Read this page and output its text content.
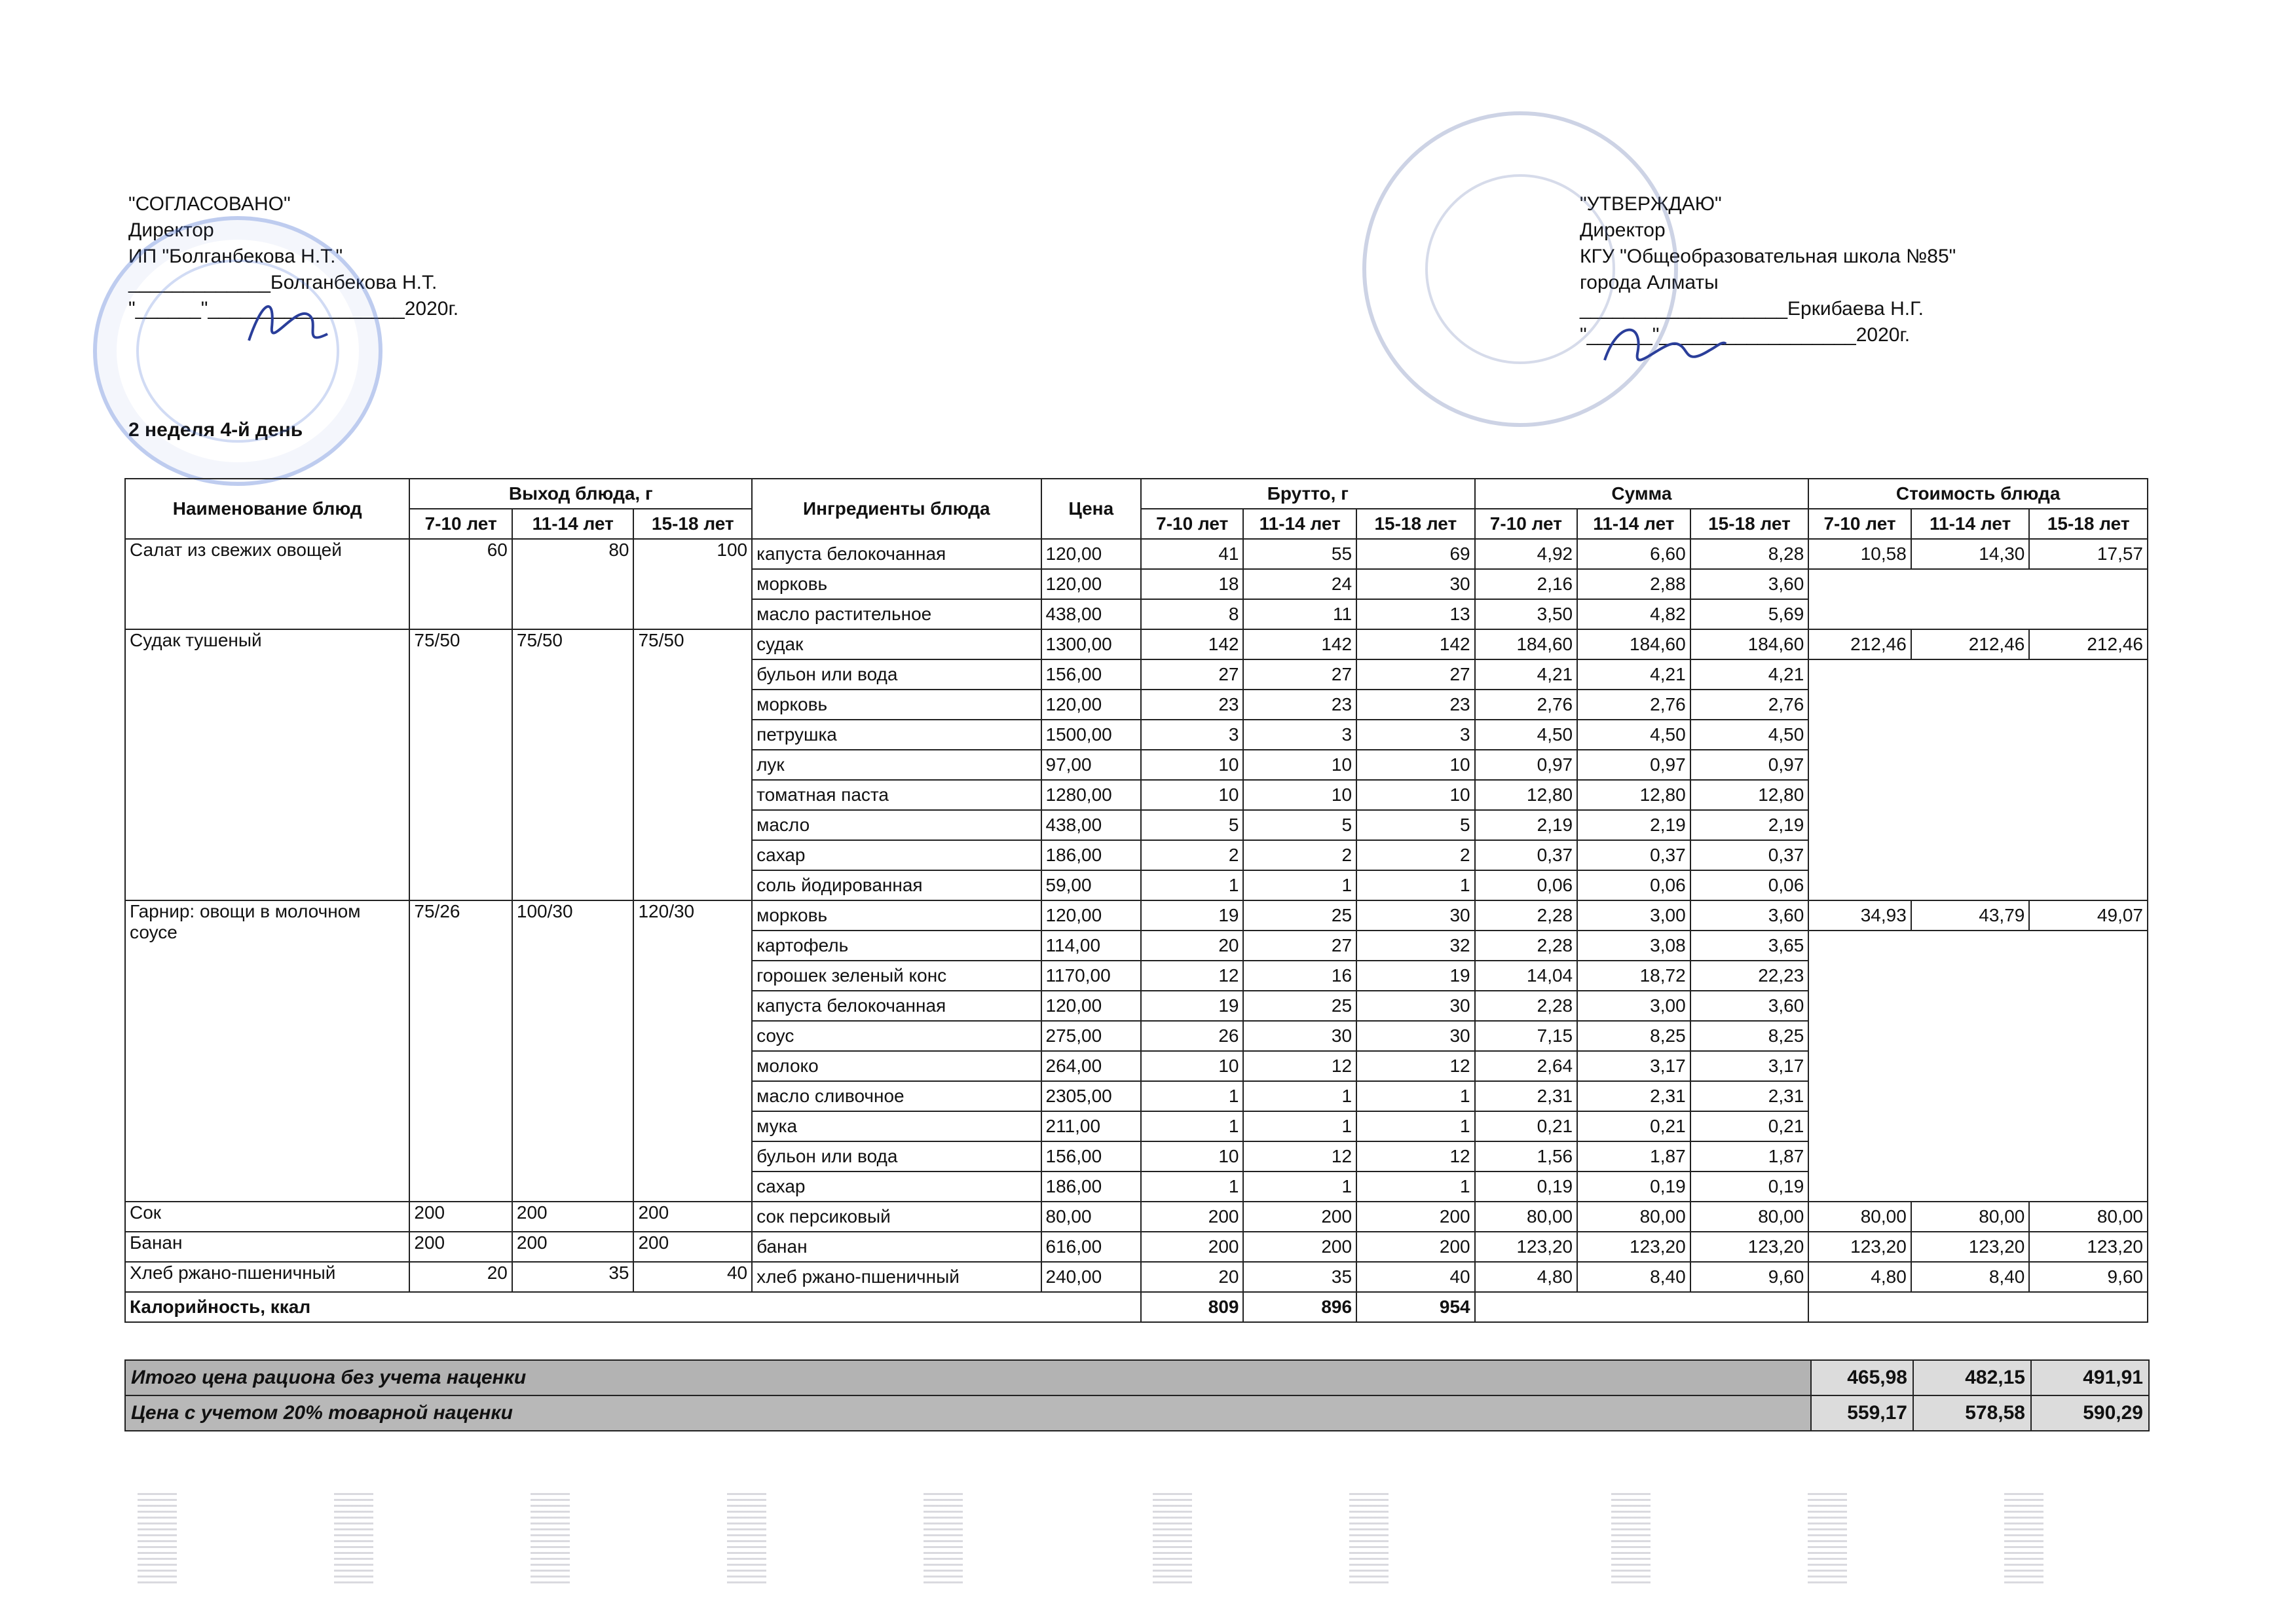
"СОГЛАСОВАНО"
Директор
ИП "Болганбекова Н.Т."
_____________Болганбекова Н.Т.
"______"__________________2020г.
"УТВЕРЖДАЮ"
Директор
КГУ "Общеобразовательная школа №85"
города Алматы
___________________Еркибаева Н.Г.
"______"__________________2020г.
2 неделя 4-й день
Наименование блюд	Выход блюда, г			Ингредиенты блюда	Цена	Брутто, г			Сумма			Стоимость блюда		
	7-10 лет	11-14 лет	15-18 лет			7-10 лет	11-14 лет	15-18 лет	7-10 лет	11-14 лет	15-18 лет	7-10 лет	11-14 лет	15-18 лет
Салат из свежих овощей	60	80	100	капуста белокочанная	120,00	41	55	69	4,92	6,60	8,28	10,58	14,30	17,57
				морковь	120,00	18	24	30	2,16	2,88	3,60			
				масло растительное	438,00	8	11	13	3,50	4,82	5,69			
Судак тушеный	75/50	75/50	75/50	судак	1300,00	142	142	142	184,60	184,60	184,60	212,46	212,46	212,46
				бульон или вода	156,00	27	27	27	4,21	4,21	4,21			
				морковь	120,00	23	23	23	2,76	2,76	2,76			
				петрушка	1500,00	3	3	3	4,50	4,50	4,50			
				лук	97,00	10	10	10	0,97	0,97	0,97			
				томатная паста	1280,00	10	10	10	12,80	12,80	12,80			
				масло	438,00	5	5	5	2,19	2,19	2,19			
				сахар	186,00	2	2	2	0,37	0,37	0,37			
				соль йодированная	59,00	1	1	1	0,06	0,06	0,06			
Гарнир: овощи в молочном соусе	75/26	100/30	120/30	морковь	120,00	19	25	30	2,28	3,00	3,60	34,93	43,79	49,07
				картофель	114,00	20	27	32	2,28	3,08	3,65			
				горошек зеленый конс	1170,00	12	16	19	14,04	18,72	22,23			
				капуста белокочанная	120,00	19	25	30	2,28	3,00	3,60			
				соус	275,00	26	30	30	7,15	8,25	8,25			
				молоко	264,00	10	12	12	2,64	3,17	3,17			
				масло сливочное	2305,00	1	1	1	2,31	2,31	2,31			
				мука	211,00	1	1	1	0,21	0,21	0,21			
				бульон или вода	156,00	10	12	12	1,56	1,87	1,87			
				сахар	186,00	1	1	1	0,19	0,19	0,19			
Сок	200	200	200	сок персиковый	80,00	200	200	200	80,00	80,00	80,00	80,00	80,00	80,00
Банан	200	200	200	банан	616,00	200	200	200	123,20	123,20	123,20	123,20	123,20	123,20
Хлеб ржано-пшеничный	20	35	40	хлеб ржано-пшеничный	240,00	20	35	40	4,80	8,40	9,60	4,80	8,40	9,60
Калорийность, ккал						809	896	954						
Итого цена рациона без учета наценки	465,98	482,15	491,91
Цена с учетом 20% товарной наценки	559,17	578,58	590,29
